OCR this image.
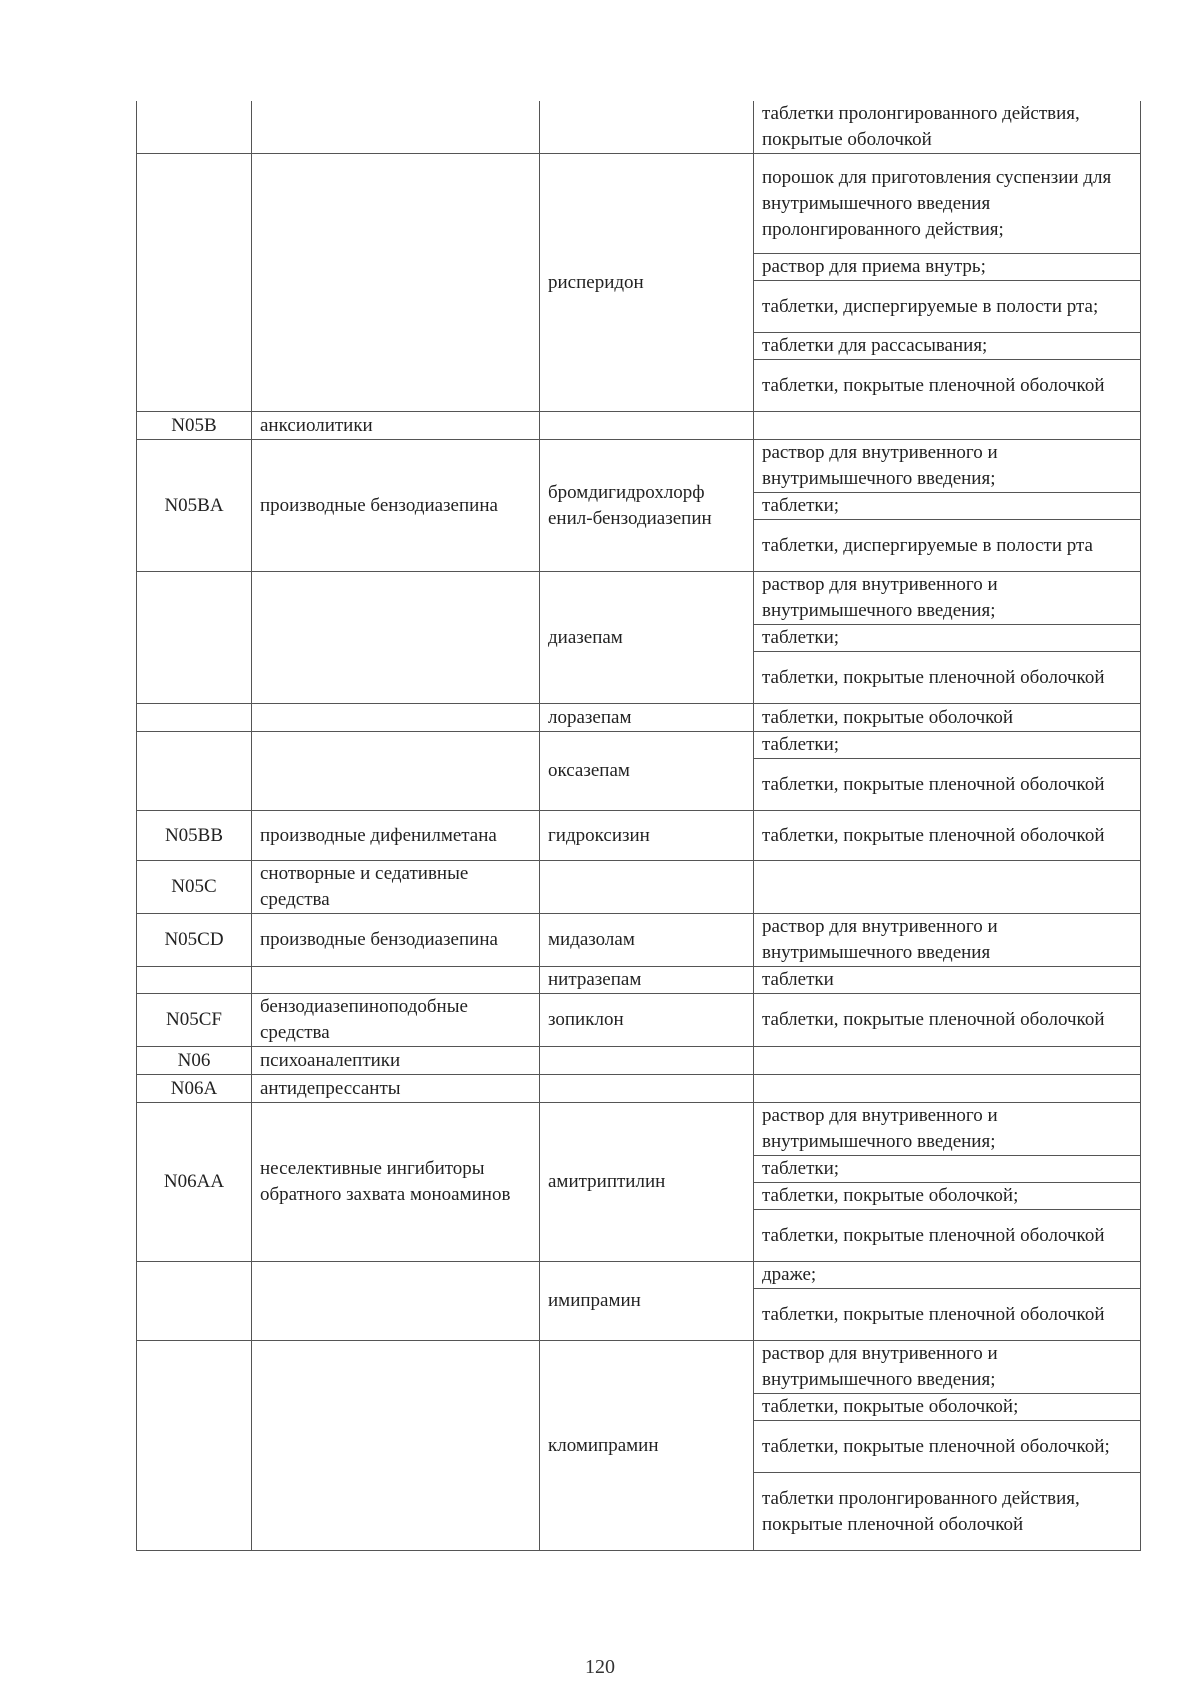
			таблетки пролонгированного действия, покрытые оболочкой
		рисперидон	порошок для приготовления суспензии для внутримышечного введения пролонгированного действия;
			раствор для приема внутрь;
			таблетки, диспергируемые в полости рта;
			таблетки для рассасывания;
			таблетки, покрытые пленочной оболочкой
N05B	анксиолитики		
N05BA	производные бензодиазепина	бромдигидрохлорф енил-бензодиазепин	раствор для внутривенного и внутримышечного введения;
			таблетки;
			таблетки, диспергируемые в полости рта
		диазепам	раствор для внутривенного и внутримышечного введения;
			таблетки;
			таблетки, покрытые пленочной оболочкой
		лоразепам	таблетки, покрытые оболочкой
		оксазепам	таблетки;
			таблетки, покрытые пленочной оболочкой
N05BB	производные дифенилметана	гидроксизин	таблетки, покрытые пленочной оболочкой
N05C	снотворные и седативные средства		
N05CD	производные бензодиазепина	мидазолам	раствор для внутривенного и внутримышечного введения
		нитразепам	таблетки
N05CF	бензодиазепиноподобные средства	зопиклон	таблетки, покрытые пленочной оболочкой
N06	психоаналептики		
N06A	антидепрессанты		
N06AA	неселективные ингибиторы обратного захвата моноаминов	амитриптилин	раствор для внутривенного и внутримышечного введения;
			таблетки;
			таблетки, покрытые оболочкой;
			таблетки, покрытые пленочной оболочкой
		имипрамин	драже;
			таблетки, покрытые пленочной оболочкой
		кломипрамин	раствор для внутривенного и внутримышечного введения;
			таблетки, покрытые оболочкой;
			таблетки, покрытые пленочной оболочкой;
			таблетки пролонгированного действия, покрытые пленочной оболочкой
120
